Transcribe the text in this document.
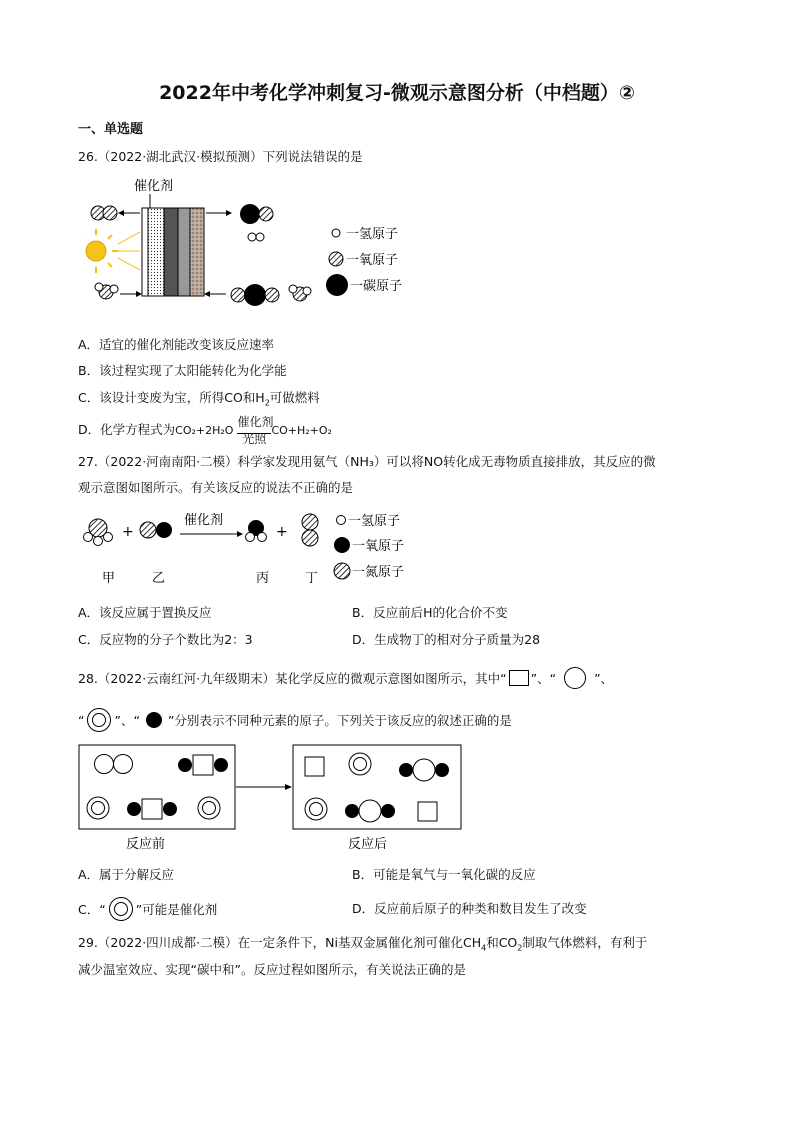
2022年中考化学冲刺复习-微观示意图分析（中档题）②
一、单选题
26.（2022·湖北武汉·模拟预测）下列说法错误的是
催化剂
一氢原子
一氧原子
一碳原子
A．适宜的催化剂能改变该反应速率
B．该过程实现了太阳能转化为化学能
C．该设计变废为宝，所得CO和$H_2$可做燃料
D．化学方程式为CO₂+2H₂O
催化剂
光照
CO+H₂+O₂
27.（2022·河南南阳·二模）科学家发现用氨气（NH₃）可以将NO转化成无毒物质直接排放，其反应的微
观示意图如图所示。有关该反应的说法不正确的是
+
催化剂
+
甲	乙	丙	丁
一氢原子
一氧原子
一氮原子
A．该反应属于置换反应	B．反应前后H的化合价不变
C．反应物的分子个数比为2：3	D．生成物丁的相对分子质量为28
28.（2022·云南红河·九年级期末）某化学反应的微观示意图如图所示，其中“ ”、“	”、
“ ”、“ ”分别表示不同种元素的原子。下列关于该反应的叙述正确的是
反应前	反应后
A．属于分解反应	B．可能是氧气与一氧化碳的反应
C．“ ”可能是催化剂	D．反应前后原子的种类和数目发生了改变
29.（2022·四川成都·二模）在一定条件下，Ni基双金属催化剂可催化$CH_4$和$CO_2$制取气体燃料，有利于
减少温室效应、实现“碳中和”。反应过程如图所示，有关说法正确的是
